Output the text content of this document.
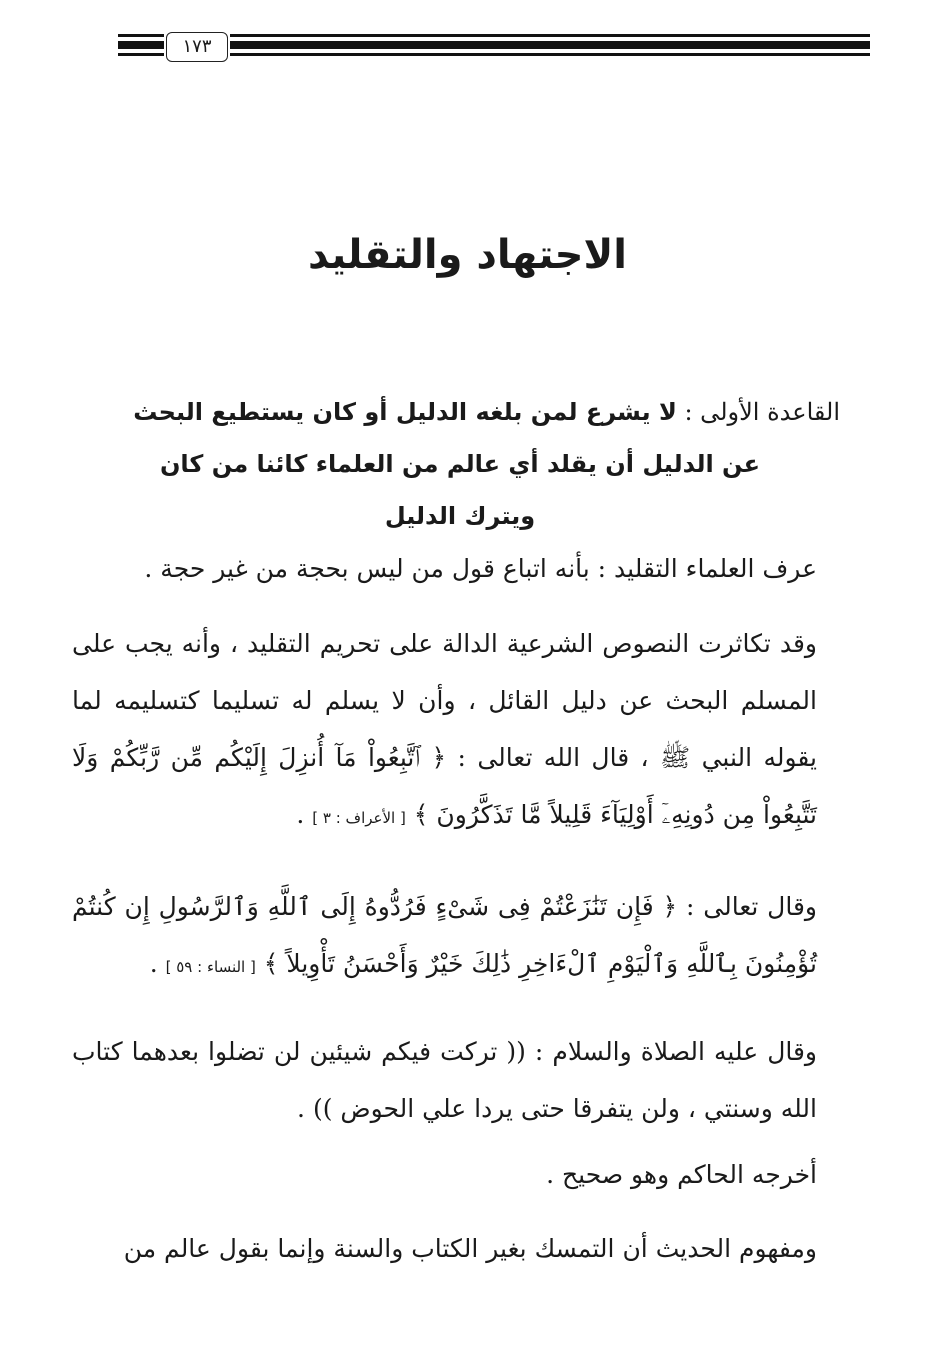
١٧٣
الاجتهاد والتقليد
القاعدة الأولى : لا يشرع لمن بلغه الدليل أو كان يستطيع البحث
عن الدليل أن يقلد أي عالم من العلماء كائنا من كان
ويترك الدليل

عرف العلماء التقليد : بأنه اتباع قول من ليس بحجة من غير حجة .

وقد تكاثرت النصوص الشرعية الدالة على تحريم التقليد ، وأنه يجب على المسلم البحث عن دليل القائل ، وأن لا يسلم له تسليما كتسليمه لما يقوله النبي ﷺ ، قال الله تعالى : ﴿ ٱتَّبِعُواْ مَآ أُنزِلَ إِلَيْكُم مِّن رَّبِّكُمْ وَلَا تَتَّبِعُواْ مِن دُونِهِۦٓ أَوْلِيَآءَ قَلِيلاً مَّا تَذَكَّرُونَ ﴾ [ الأعراف : ٣ ] .

وقال تعالى : ﴿ فَإِن تَنَٰزَعْتُمْ فِى شَىْءٍ فَرُدُّوهُ إِلَى ٱللَّهِ وَٱلرَّسُولِ إِن كُنتُمْ تُؤْمِنُونَ بِٱللَّهِ وَٱلْيَوْمِ ٱلْءَاخِرِ ذَٰلِكَ خَيْرٌ وَأَحْسَنُ تَأْوِيلاً ﴾ [ النساء : ٥٩ ] .

وقال عليه الصلاة والسلام : (( تركت فيكم شيئين لن تضلوا بعدهما كتاب الله وسنتي ، ولن يتفرقا حتى يردا علي الحوض )) .

أخرجه الحاكم وهو صحيح .

ومفهوم الحديث أن التمسك بغير الكتاب والسنة وإنما بقول عالم من
